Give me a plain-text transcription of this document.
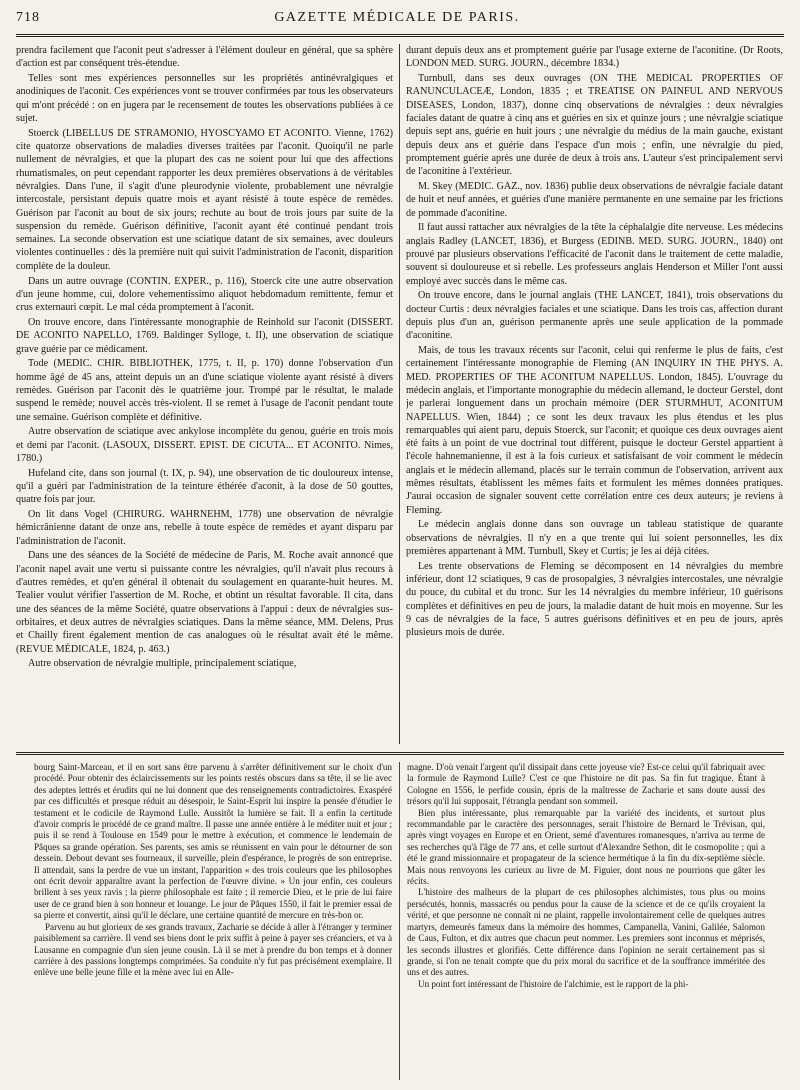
718	GAZETTE MÉDICALE DE PARIS.

prendra facilement que l'aconit peut s'adresser à l'élément douleur en général, que sa sphère d'action est par conséquent très-étendue.

Telles sont mes expériences personnelles sur les propriétés antinévralgiques et anodiniques de l'aconit. Ces expériences vont se trouver confirmées par tous les observateurs qui m'ont précédé : on en jugera par le recensement de toutes les observations publiées à ce sujet.

Stoerck (LIBELLUS DE STRAMONIO, HYOSCYAMO ET ACONITO. Vienne, 1762) cite quatorze observations de maladies diverses traitées par l'aconit. Quoiqu'il ne parle nullement de névralgies, et que la plupart des cas ne soient pour lui que des affections rhumatismales, on peut cependant rapporter les deux premières observations à de véritables névralgies. Dans l'une, il s'agit d'une pleurodynie violente, probablement une névralgie intercostale, persistant depuis quatre mois et ayant résisté à toute espèce de remèdes. Guérison par l'aconit au bout de six jours; rechute au bout de trois jours par suite de la suspension du remède. Guérison définitive, l'aconit ayant été continué pendant trois semaines. La seconde observation est une sciatique datant de six semaines, avec douleurs violentes continuelles : dès la première nuit qui suivit l'administration de l'aconit, disparition complète de la douleur.

Dans un autre ouvrage (CONTIN. EXPER., p. 116), Stoerck cite une autre observation d'un jeune homme, cui, dolore vehementissimo aliquot hebdomadum remittente, femur et crus externauri cœpit. Le mal céda promptement à l'aconit.

On trouve encore, dans l'intéressante monographie de Reinhold sur l'aconit (DISSERT. DE ACONITO NAPELLO, 1769. Baldinger Sylloge, t. II), une observation de sciatique grave guérie par ce médicament.

Tode (MEDIC. CHIR. BIBLIOTHEK, 1775, t. II, p. 170) donne l'observation d'un homme âgé de 45 ans, atteint depuis un an d'une sciatique violente ayant résisté à divers remèdes. Guérison par l'aconit dès le quatrième jour. Trompé par le résultat, le malade suspend le remède; nouvel accès très-violent. Il se remet à l'usage de l'aconit pendant toute une semaine. Guérison complète et définitive.

Autre observation de sciatique avec ankylose incomplète du genou, guérie en trois mois et demi par l'aconit. (LASOUX, DISSERT. EPIST. DE CICUTA... ET ACONITO. Nimes, 1780.)

Hufeland cite, dans son journal (t. IX, p. 94), une observation de tic douloureux intense, qu'il a guéri par l'administration de la teinture éthérée d'aconit, à la dose de 50 gouttes, quatre fois par jour.

On lit dans Vogel (CHIRURG. WAHRNEHM, 1778) une observation de névralgie hémicrânienne datant de onze ans, rebelle à toute espèce de remèdes et ayant disparu par l'administration de l'aconit.

Dans une des séances de la Société de médecine de Paris, M. Roche avait annoncé que l'aconit napel avait une vertu si puissante contre les névralgies, qu'il n'avait plus recours à d'autres remèdes, et qu'en général il obtenait du soulagement en quarante-huit heures. M. Tealier voulut vérifier l'assertion de M. Roche, et obtint un résultat favorable. Il cita, dans une des séances de la même Société, quatre observations à l'appui : deux de névralgies sus-orbitaires, et deux autres de névralgies sciatiques. Dans la même séance, MM. Delens, Prus et Chailly firent également mention de cas analogues où le résultat avait été le même. (REVUE MÉDICALE, 1824, p. 463.)

Autre observation de névralgie multiple, principalement sciatique,

durant depuis deux ans et promptement guérie par l'usage externe de l'aconitine. (Dr Roots, LONDON MED. SURG. JOURN., décembre 1834.)

Turnbull, dans ses deux ouvrages (ON THE MEDICAL PROPERTIES OF RANUNCULACEÆ, London, 1835 ; et TREATISE ON PAINFUL AND NERVOUS DISEASES, London, 1837), donne cinq observations de névralgies : deux névralgies faciales datant de quatre à cinq ans et guéries en six et quinze jours ; une névralgie sciatique depuis sept ans, guérie en huit jours ; une névralgie du médius de la main gauche, existant depuis deux ans et guérie dans l'espace d'un mois ; enfin, une névralgie du pied, promptement guérie après une durée de deux à trois ans. L'auteur s'est principalement servi de l'aconitine à l'extérieur.

M. Skey (MEDIC. GAZ., nov. 1836) publie deux observations de névralgie faciale datant de huit et neuf années, et guéries d'une manière permanente en une semaine par les frictions de pommade d'aconitine.

Il faut aussi rattacher aux névralgies de la tête la céphalalgie dite nerveuse. Les médecins anglais Radley (LANCET, 1836), et Burgess (EDINB. MED. SURG. JOURN., 1840) ont prouvé par plusieurs observations l'efficacité de l'aconit dans le traitement de cette maladie, souvent si douloureuse et si rebelle. Les professeurs anglais Henderson et Miller l'ont aussi employé avec succès dans le même cas.

On trouve encore, dans le journal anglais (THE LANCET, 1841), trois observations du docteur Curtis : deux névralgies faciales et une sciatique. Dans les trois cas, affection durant depuis plus d'un an, guérison permanente après une seule application de la pommade d'aconitine.

Mais, de tous les travaux récents sur l'aconit, celui qui renferme le plus de faits, c'est certainement l'intéressante monographie de Fleming (AN INQUIRY IN THE PHYS. A. MED. PROPERTIES OF THE ACONITUM NAPELLUS. London, 1845). L'ouvrage du médecin anglais, et l'importante monographie du médecin allemand, le docteur Gerstel, dont je parlerai longuement dans un prochain mémoire (DER STURMHUT, ACONITUM NAPELLUS. Wien, 1844) ; ce sont les deux travaux les plus étendus et les plus remarquables qui aient paru, depuis Stoerck, sur l'aconit; et quoique ces deux ouvrages aient été faits à un point de vue doctrinal tout différent, puisque le docteur Gerstel appartient à l'école hahnemanienne, il est à la fois curieux et satisfaisant de voir comment le médecin anglais et le médecin allemand, placés sur le terrain commun de l'observation, arrivent aux mêmes résultats, établissent les mêmes faits et formulent les mêmes données pratiques. J'aurai occasion de signaler souvent cette corrélation entre ces deux auteurs; je reviens à Fleming.

Le médecin anglais donne dans son ouvrage un tableau statistique de quarante observations de névralgies. Il n'y en a que trente qui lui soient personnelles, les dix premières appartenant à MM. Turnbull, Skey et Curtis; je les ai déjà citées.

Les trente observations de Fleming se décomposent en 14 névralgies du membre inférieur, dont 12 sciatiques, 9 cas de prosopalgies, 3 névralgies intercostales, une névralgie du pouce, du cubital et du tronc. Sur les 14 névralgies du membre inférieur, 10 guérisons complètes et définitives en peu de jours, la maladie datant de huit mois en moyenne. Sur les 9 cas de névralgies de la face, 5 autres guérisons définitives et en peu de jours, après plusieurs mois de durée.

bourg Saint-Marceau, et il en sort sans être parvenu à s'arrêter définitivement sur le choix d'un procédé. Pour obtenir des éclaircissements sur les points restés obscurs dans sa tête, il se lie avec des adeptes lettrés et érudits qui ne lui donnent que des renseignements contradictoires. Exaspéré par ces difficultés et presque réduit au désespoir, le Saint-Esprit lui inspire la pensée d'étudier le testament et le codicile de Raymond Lulle. Aussitôt la lumière se fait. Il a enfin la certitude d'avoir compris le procédé de ce grand maître. Il passe une année entière à le méditer nuit et jour ; puis il se rend à Toulouse en 1549 pour le mettre à exécution, et commence le lendemain de Pâques sa grande opération. Ses parents, ses amis se réunissent en vain pour le détourner de son dessein. Debout devant ses fourneaux, il surveille, plein d'espérance, le progrès de son entreprise. Il attendait, sans la perdre de vue un instant, l'apparition « des trois couleurs que les philosophes ont écrit devoir apparaître avant la perfection de l'œuvre divine. » Un jour enfin, ces couleurs brillent à ses yeux ravis ; la pierre philosophale est faite ; il remercie Dieu, et le prie de lui faire user de ce grand bien à son honneur et louange. Le jour de Pâques 1550, il fait le premier essai de sa pierre et convertit, ainsi qu'il le déclare, une certaine quantité de mercure en très-bon or.

Parvenu au but glorieux de ses grands travaux, Zacharie se décide à aller à l'étranger y terminer paisiblement sa carrière. Il vend ses biens dont le prix suffit à peine à payer ses créanciers, et va à Lausanne en compagnie d'un sien jeune cousin. Là il se met à prendre du bon temps et à donner carrière à des passions longtemps comprimées. Sa conduite n'y fut pas précisément exemplaire. Il enlève une belle jeune fille et la mène avec lui en Alle-

magne. D'où venait l'argent qu'il dissipait dans cette joyeuse vie? Est-ce celui qu'il fabriquait avec la formule de Raymond Lulle? C'est ce que l'histoire ne dit pas. Sa fin fut tragique. Étant à Cologne en 1556, le perfide cousin, épris de la maîtresse de Zacharie et sans doute aussi des trésors qu'il lui supposait, l'étrangla pendant son sommeil.

Bien plus intéressante, plus remarquable par la variété des incidents, et surtout plus recommandable par le caractère des personnages, serait l'histoire de Bernard le Trévisan, qui, après vingt voyages en Europe et en Orient, semé d'aventures romanesques, n'arriva au terme de ses recherches qu'à l'âge de 77 ans, et celle surtout d'Alexandre Sethon, dit le cosmopolite ; qui a été le grand missionnaire et propagateur de la science hermétique à la fin du dix-septième siècle. Mais nous renvoyons les curieux au livre de M. Figuier, dont nous ne pourrions que gâter les récits.

L'histoire des malheurs de la plupart de ces philosophes alchimistes, tous plus ou moins persécutés, honnis, massacrés ou pendus pour la cause de la science et de ce qu'ils croyaient la vérité, et que personne ne connaît ni ne plaint, rappelle involontairement celle de quelques autres martyrs, demeurés fameux dans la mémoire des hommes, Campanella, Vanini, Galilée, Salomon de Caus, Fulton, et dix autres que chacun peut nommer. Les premiers sont inconnus et méprisés, les seconds illustres et glorifiés. Cette différence dans l'opinion ne serait certainement pas si grande, si l'on ne tenait compte que du prix moral du sacrifice et de la souffrance imméritée des uns et des autres.

Un point fort intéressant de l'histoire de l'alchimie, est le rapport de la phi-
